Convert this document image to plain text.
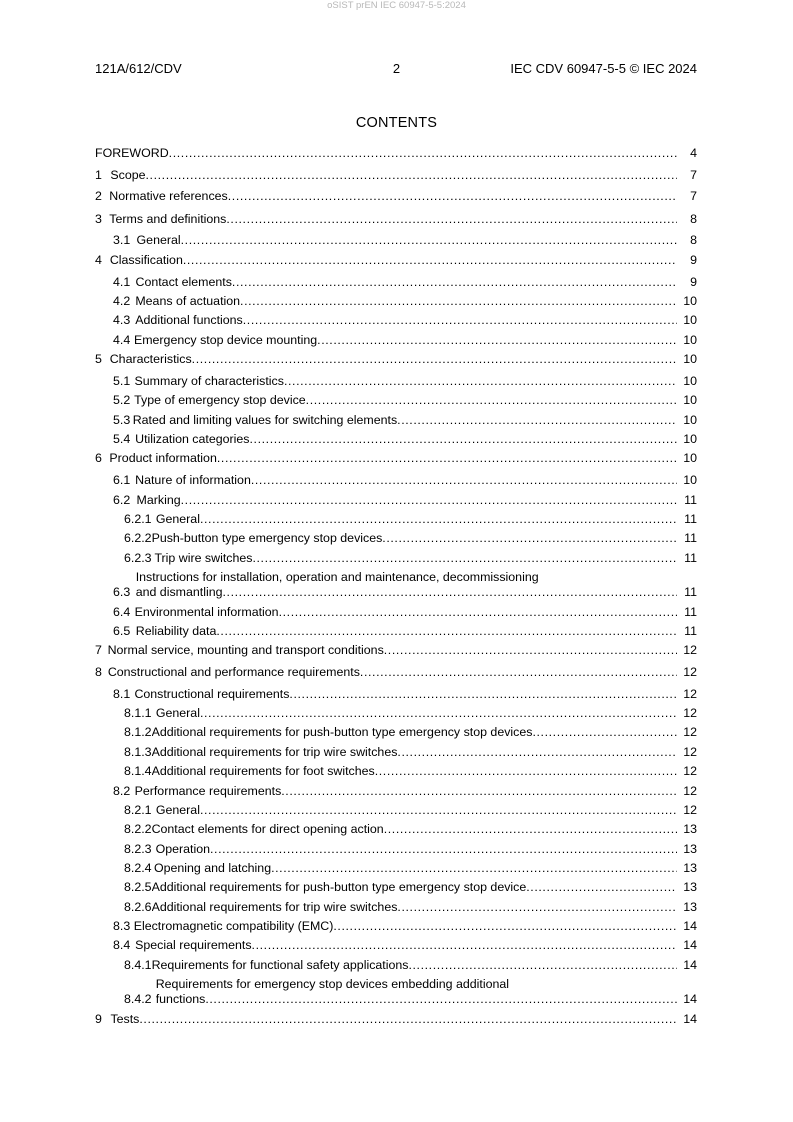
oSIST prEN IEC 60947-5-5:2024
121A/612/CDV	2	IEC CDV 60947-5-5 © IEC 2024
CONTENTS
FOREWORD .....	4
1 Scope .....	7
2 Normative references .....	7
3 Terms and definitions .....	8
3.1 General .....	8
4 Classification .....	9
4.1 Contact elements .....	9
4.2 Means of actuation .....	10
4.3 Additional functions .....	10
4.4 Emergency stop device mounting .....	10
5 Characteristics .....	10
5.1 Summary of characteristics .....	10
5.2 Type of emergency stop device .....	10
5.3 Rated and limiting values for switching elements .....	10
5.4 Utilization categories .....	10
6 Product information .....	10
6.1 Nature of information .....	10
6.2 Marking .....	11
6.2.1 General .....	11
6.2.2 Push-button type emergency stop devices .....	11
6.2.3 Trip wire switches .....	11
6.3
Instructions for installation, operation and maintenance, decommissioning
and dismantling .....	11
6.4 Environmental information .....	11
6.5 Reliability data .....	11
7 Normal service, mounting and transport conditions .....	12
8 Constructional and performance requirements .....	12
8.1 Constructional requirements .....	12
8.1.1 General .....	12
8.1.2 Additional requirements for push-button type emergency stop devices .....	12
8.1.3 Additional requirements for trip wire switches .....	12
8.1.4 Additional requirements for foot switches .....	12
8.2 Performance requirements .....	12
8.2.1 General .....	12
8.2.2 Contact elements for direct opening action .....	13
8.2.3 Operation .....	13
8.2.4 Opening and latching .....	13
8.2.5 Additional requirements for push-button type emergency stop device .....	13
8.2.6 Additional requirements for trip wire switches .....	13
8.3 Electromagnetic compatibility (EMC) .....	14
8.4 Special requirements .....	14
8.4.1 Requirements for functional safety applications .....	14
8.4.2
Requirements for emergency stop devices embedding additional
functions .....	14
9 Tests .....	14
